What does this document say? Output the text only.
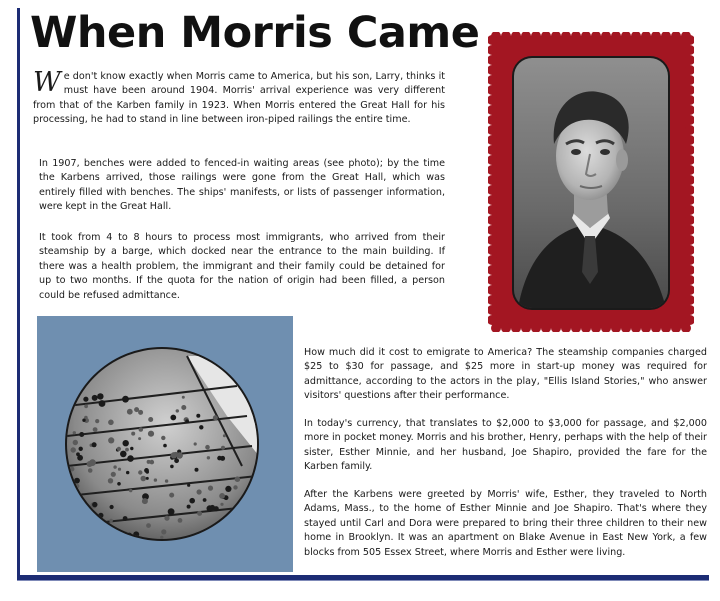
When Morris Came

We don't know exactly when Morris came to America, but his son, Larry, thinks it must have been around 1904. Morris' arrival experience was very different from that of the Karben family in 1923. When Morris entered the Great Hall for his processing, he had to stand in line between iron-piped railings the entire time.

In 1907, benches were added to fenced-in waiting areas (see photo); by the time the Karbens arrived, those railings were gone from the Great Hall, which was entirely filled with benches. The ships' manifests, or lists of passenger information, were kept in the Great Hall.

It took from 4 to 8 hours to process most immigrants, who arrived from their steamship by a barge, which docked near the entrance to the main building. If there was a health problem, the immigrant and their family could be detained for up to two months. If the quota for the nation of origin had been filled, a person could be refused admittance.

How much did it cost to emigrate to America? The steamship companies charged $25 to $30 for passage, and $25 more in start-up money was required for admittance, according to the actors in the play, "Ellis Island Stories," who answer visitors' questions after their performance.

In today's currency, that translates to $2,000 to $3,000 for passage, and $2,000 more in pocket money. Morris and his brother, Henry, perhaps with the help of their sister, Esther Minnie, and her husband, Joe Shapiro, provided the fare for the Karben family.

After the Karbens were greeted by Morris' wife, Esther, they traveled to North Adams, Mass., to the home of Esther Minnie and Joe Shapiro. That's where they stayed until Carl and Dora were prepared to bring their three children to their new home in Brooklyn. It was an apartment on Blake Avenue in East New York, a few blocks from 505 Essex Street, where Morris and Esther were living.
